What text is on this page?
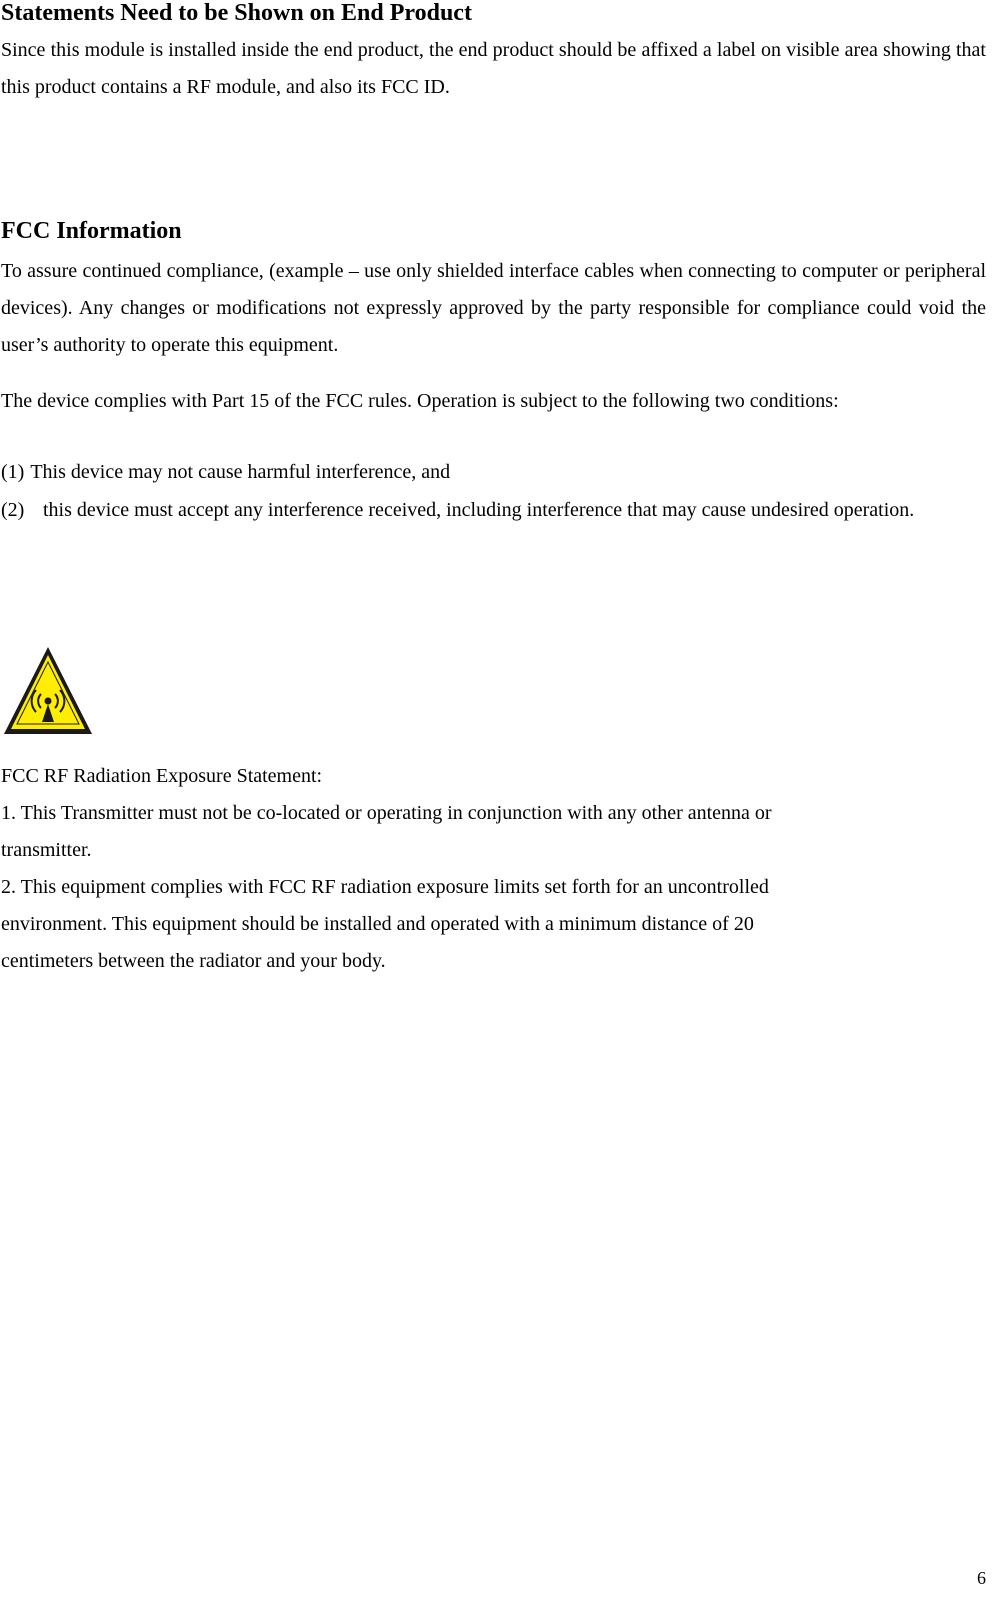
Statements Need to be Shown on End Product

Since this module is installed inside the end product, the end product should be affixed a label on visible area showing that this product contains a RF module, and also its FCC ID.

FCC Information

To assure continued compliance, (example – use only shielded interface cables when connecting to computer or peripheral devices). Any changes or modifications not expressly approved by the party responsible for compliance could void the user’s authority to operate this equipment.

The device complies with Part 15 of the FCC rules. Operation is subject to the following two conditions:

(1) This device may not cause harmful interference, and
(2) this device must accept any interference received, including interference that may cause undesired operation.

FCC RF Radiation Exposure Statement:

1. This Transmitter must not be co-located or operating in conjunction with any other antenna or

transmitter.

2. This equipment complies with FCC RF radiation exposure limits set forth for an uncontrolled

environment. This equipment should be installed and operated with a minimum distance of 20

centimeters between the radiator and your body.

6
